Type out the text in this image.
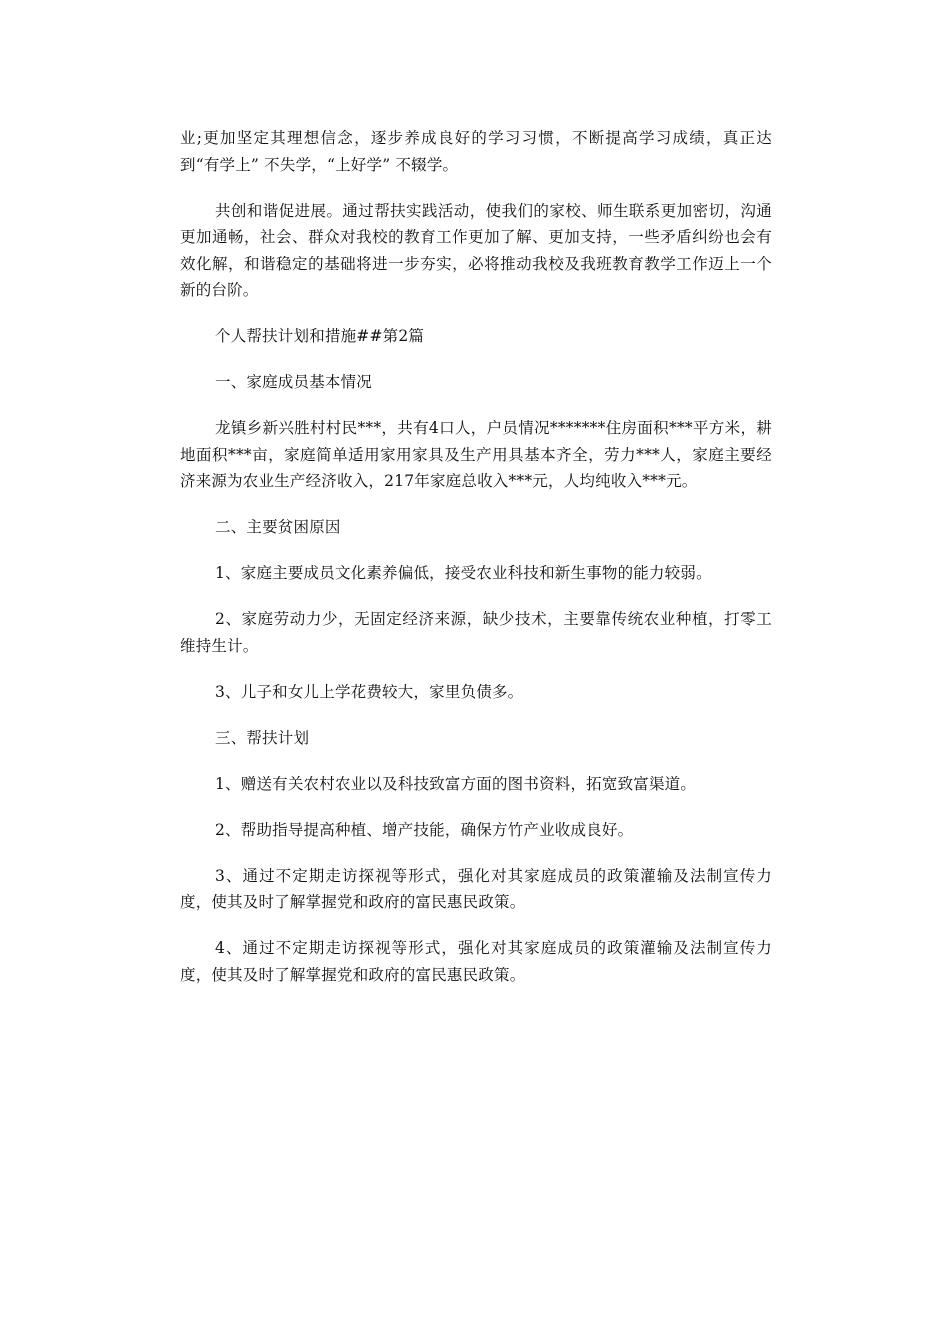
业;更加坚定其理想信念，逐步养成良好的学习习惯，不断提高学习成绩，真正达到“有学上” 不失学，“上好学” 不辍学。

共创和谐促进展。通过帮扶实践活动，使我们的家校、师生联系更加密切，沟通更加通畅，社会、群众对我校的教育工作更加了解、更加支持，一些矛盾纠纷也会有效化解，和谐稳定的基础将进一步夯实，必将推动我校及我班教育教学工作迈上一个新的台阶。

个人帮扶计划和措施##第2篇

一、家庭成员基本情况

龙镇乡新兴胜村村民***，共有4口人，户员情况*******住房面积***平方米，耕地面积***亩，家庭简单适用家用家具及生产用具基本齐全，劳力***人，家庭主要经济来源为农业生产经济收入，217年家庭总收入***元，人均纯收入***元。

二、主要贫困原因

1、家庭主要成员文化素养偏低，接受农业科技和新生事物的能力较弱。

2、家庭劳动力少，无固定经济来源，缺少技术，主要靠传统农业种植，打零工维持生计。

3、儿子和女儿上学花费较大，家里负债多。

三、帮扶计划

1、赠送有关农村农业以及科技致富方面的图书资料，拓宽致富渠道。

2、帮助指导提高种植、增产技能，确保方竹产业收成良好。

3、通过不定期走访探视等形式，强化对其家庭成员的政策灌输及法制宣传力度，使其及时了解掌握党和政府的富民惠民政策。

4、通过不定期走访探视等形式，强化对其家庭成员的政策灌输及法制宣传力度，使其及时了解掌握党和政府的富民惠民政策。
